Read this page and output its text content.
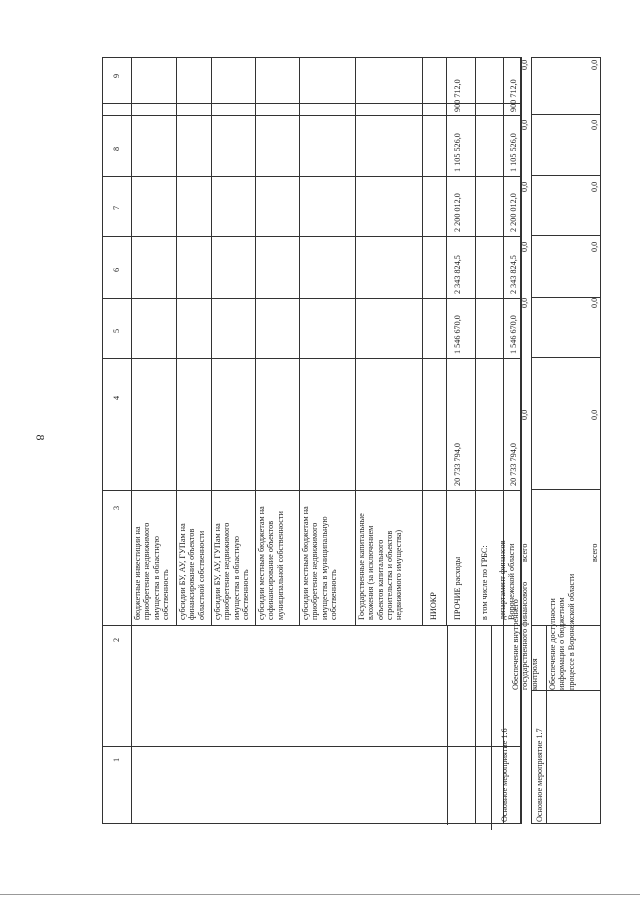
8
9
8
7
6
5
4
3
2
1
бюджетные инвестиции на приобретение недвижимого имущества в областную собственность субсидии БУ, АУ, ГУПам на финансирование объектов областной собственности субсидии БУ, АУ, ГУПам на приобретение недвижимого имущества в областную собственность субсидии местным бюджетам на софинансирование объектов муниципальной собственности субсидии местным бюджетам на приобретение недвижимого имущества в муниципальную собственность Государственные капитальные вложения (за исключением объектов капитального строительства и объектов недвижимого имущества)	НИОКР ПРОЧИЕ расходы
20 733 794,0
1 546 670,0
2 343 824,5
2 200 012,0
1 105 526,0
900 712,0
в том числе по ГРБС: департамент финансов Воронежской области
20 733 794,0
1 546 670,0
2 343 824,5
2 200 012,0
1 105 526,0
900 712,0
Основное мероприятие 1.6
Обеспечение внутреннего государственного финансового контроля
всего
0,0
0,0
0,0
0,0
0,0
0,0
Основное мероприятие 1.7
Обеспечение доступности информации о бюджетном процессе в Воронежской области
всего
0,0
0,0
0,0
0,0
0,0
0,0
